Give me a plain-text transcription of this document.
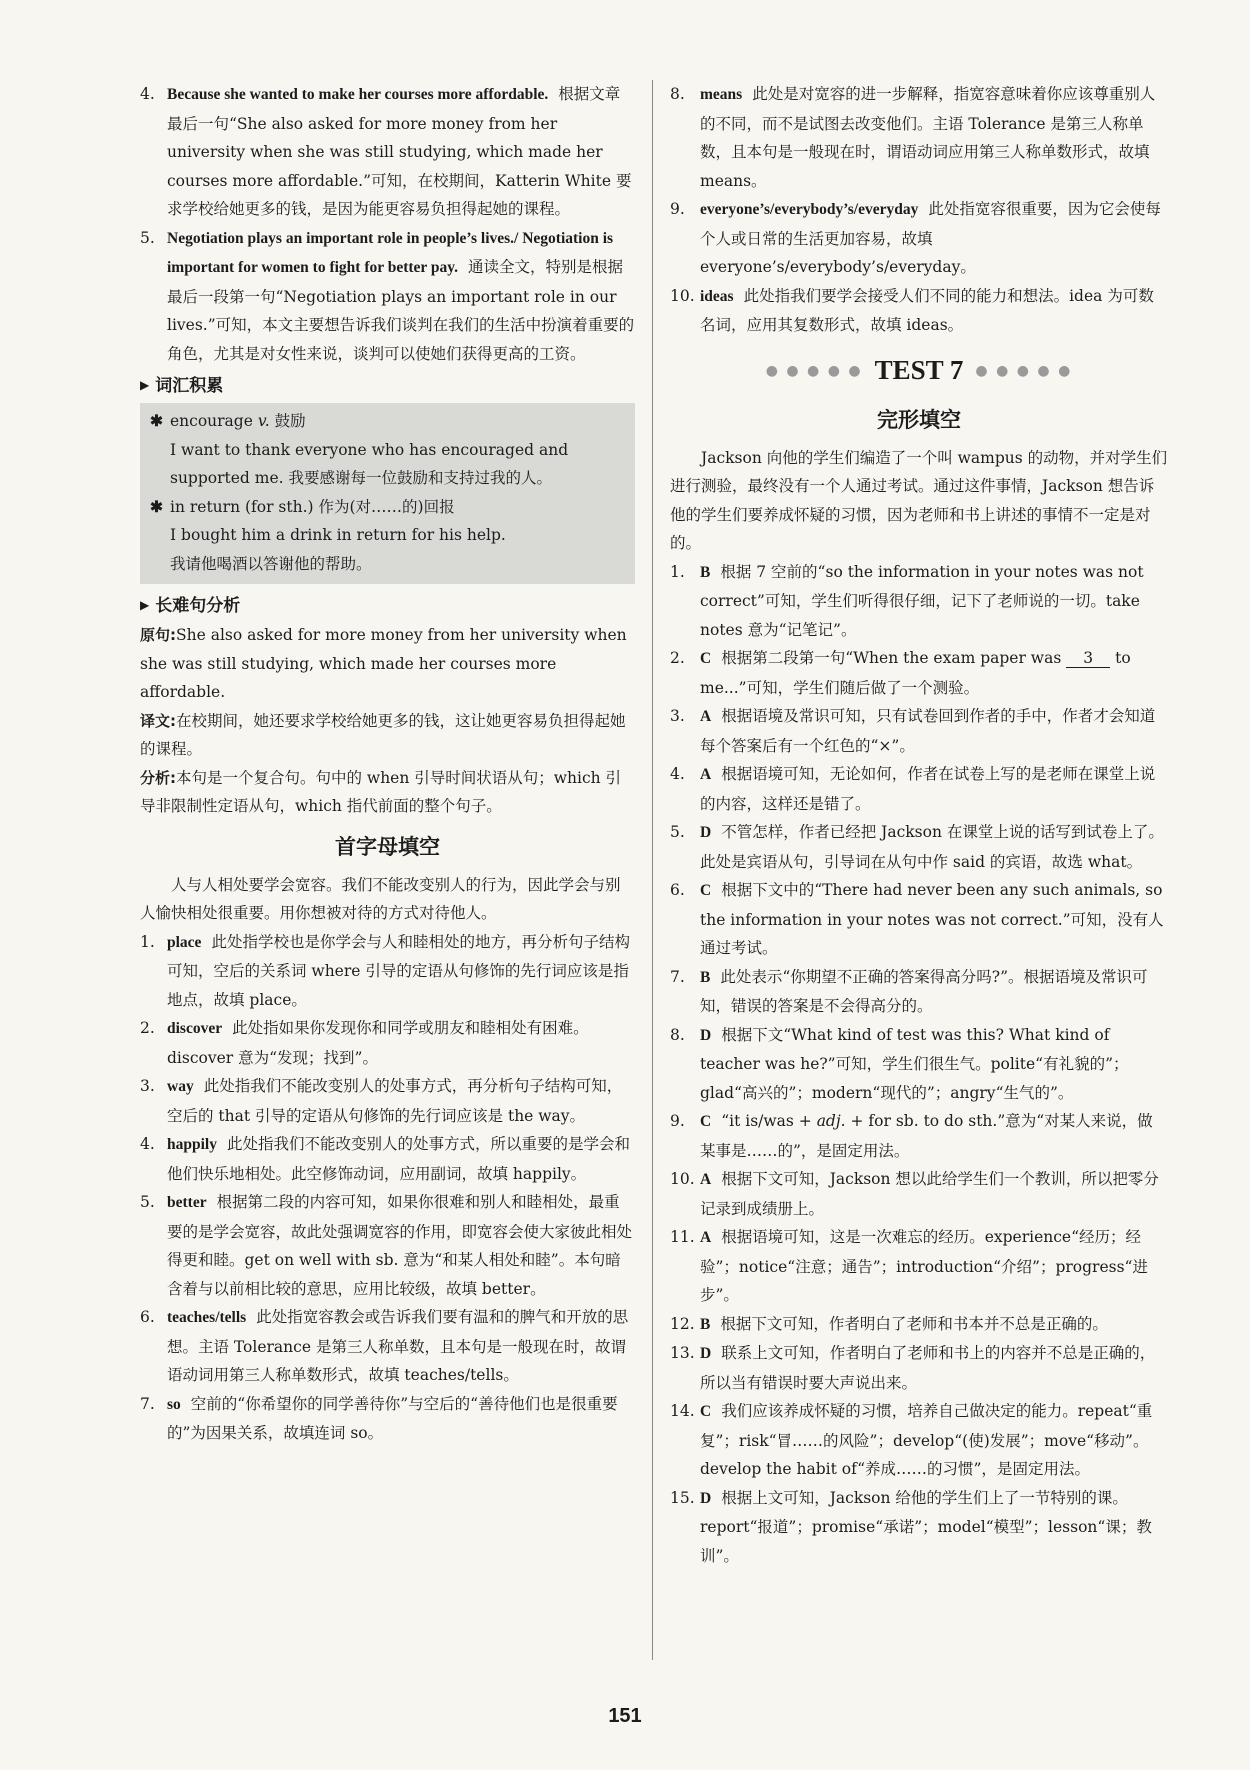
4. Because she wanted to make her courses more affordable. 根据文章最后一句“She also asked for more money from her university when she was still studying, which made her courses more affordable.”可知，在校期间，Katterin White 要求学校给她更多的钱，是因为能更容易负担得起她的课程。
5. Negotiation plays an important role in people’s lives./ Negotiation is important for women to fight for better pay. 通读全文，特别是根据最后一段第一句“Negotiation plays an important role in our lives.”可知，本文主要想告诉我们谈判在我们的生活中扮演着重要的角色，尤其是对女性来说，谈判可以使她们获得更高的工资。
▶ 词汇积累
✱ encourage v. 鼓励
I want to thank everyone who has encouraged and supported me. 我要感谢每一位鼓励和支持过我的人。
✱ in return (for sth.) 作为(对……的)回报
I bought him a drink in return for his help.
我请他喝酒以答谢他的帮助。
▶ 长难句分析
原句:She also asked for more money from her university when she was still studying, which made her courses more affordable.
译文:在校期间，她还要求学校给她更多的钱，这让她更容易负担得起她的课程。
分析:本句是一个复合句。句中的 when 引导时间状语从句；which 引导非限制性定语从句，which 指代前面的整个句子。
首字母填空
人与人相处要学会宽容。我们不能改变别人的行为，因此学会与别人愉快相处很重要。用你想被对待的方式对待他人。
1. place 此处指学校也是你学会与人和睦相处的地方，再分析句子结构可知，空后的关系词 where 引导的定语从句修饰的先行词应该是指地点，故填 place。
2. discover 此处指如果你发现你和同学或朋友和睦相处有困难。discover 意为“发现；找到”。
3. way 此处指我们不能改变别人的处事方式，再分析句子结构可知，空后的 that 引导的定语从句修饰的先行词应该是 the way。
4. happily 此处指我们不能改变别人的处事方式，所以重要的是学会和他们快乐地相处。此空修饰动词，应用副词，故填 happily。
5. better 根据第二段的内容可知，如果你很难和别人和睦相处，最重要的是学会宽容，故此处强调宽容的作用，即宽容会使大家彼此相处得更和睦。get on well with sb. 意为“和某人相处和睦”。本句暗含着与以前相比较的意思，应用比较级，故填 better。
6. teaches/tells 此处指宽容教会或告诉我们要有温和的脾气和开放的思想。主语 Tolerance 是第三人称单数，且本句是一般现在时，故谓语动词用第三人称单数形式，故填 teaches/tells。
7. so 空前的“你希望你的同学善待你”与空后的“善待他们也是很重要的”为因果关系，故填连词 so。
8. means 此处是对宽容的进一步解释，指宽容意味着你应该尊重别人的不同，而不是试图去改变他们。主语 Tolerance 是第三人称单数，且本句是一般现在时，谓语动词应用第三人称单数形式，故填 means。
9. everyone’s/everybody’s/everyday 此处指宽容很重要，因为它会使每个人或日常的生活更加容易，故填 everyone’s/everybody’s/everyday。
10. ideas 此处指我们要学会接受人们不同的能力和想法。idea 为可数名词，应用其复数形式，故填 ideas。
● ● ● ● ● TEST 7 ● ● ● ● ●
完形填空
Jackson 向他的学生们编造了一个叫 wampus 的动物，并对学生们进行测验，最终没有一个人通过考试。通过这件事情，Jackson 想告诉他的学生们要养成怀疑的习惯，因为老师和书上讲述的事情不一定是对的。
1. B 根据 7 空前的“so the information in your notes was not correct”可知，学生们听得很仔细，记下了老师说的一切。take notes 意为“记笔记”。
2. C 根据第二段第一句“When the exam paper was 3 to me...”可知，学生们随后做了一个测验。
3. A 根据语境及常识可知，只有试卷回到作者的手中，作者才会知道每个答案后有一个红色的“×”。
4. A 根据语境可知，无论如何，作者在试卷上写的是老师在课堂上说的内容，这样还是错了。
5. D 不管怎样，作者已经把 Jackson 在课堂上说的话写到试卷上了。此处是宾语从句，引导词在从句中作 said 的宾语，故选 what。
6. C 根据下文中的“There had never been any such animals, so the information in your notes was not correct.”可知，没有人通过考试。
7. B 此处表示“你期望不正确的答案得高分吗?”。根据语境及常识可知，错误的答案是不会得高分的。
8. D 根据下文“What kind of test was this? What kind of teacher was he?”可知，学生们很生气。polite“有礼貌的”；glad“高兴的”；modern“现代的”；angry“生气的”。
9. C “it is/was + adj. + for sb. to do sth.”意为“对某人来说，做某事是……的”，是固定用法。
10. A 根据下文可知，Jackson 想以此给学生们一个教训，所以把零分记录到成绩册上。
11. A 根据语境可知，这是一次难忘的经历。experience“经历；经验”；notice“注意；通告”；introduction“介绍”；progress“进步”。
12. B 根据下文可知，作者明白了老师和书本并不总是正确的。
13. D 联系上文可知，作者明白了老师和书上的内容并不总是正确的，所以当有错误时要大声说出来。
14. C 我们应该养成怀疑的习惯，培养自己做决定的能力。repeat“重复”；risk“冒……的风险”；develop“(使)发展”；move“移动”。develop the habit of“养成……的习惯”，是固定用法。
15. D 根据上文可知，Jackson 给他的学生们上了一节特别的课。report“报道”；promise“承诺”；model“模型”；lesson“课；教训”。
151
